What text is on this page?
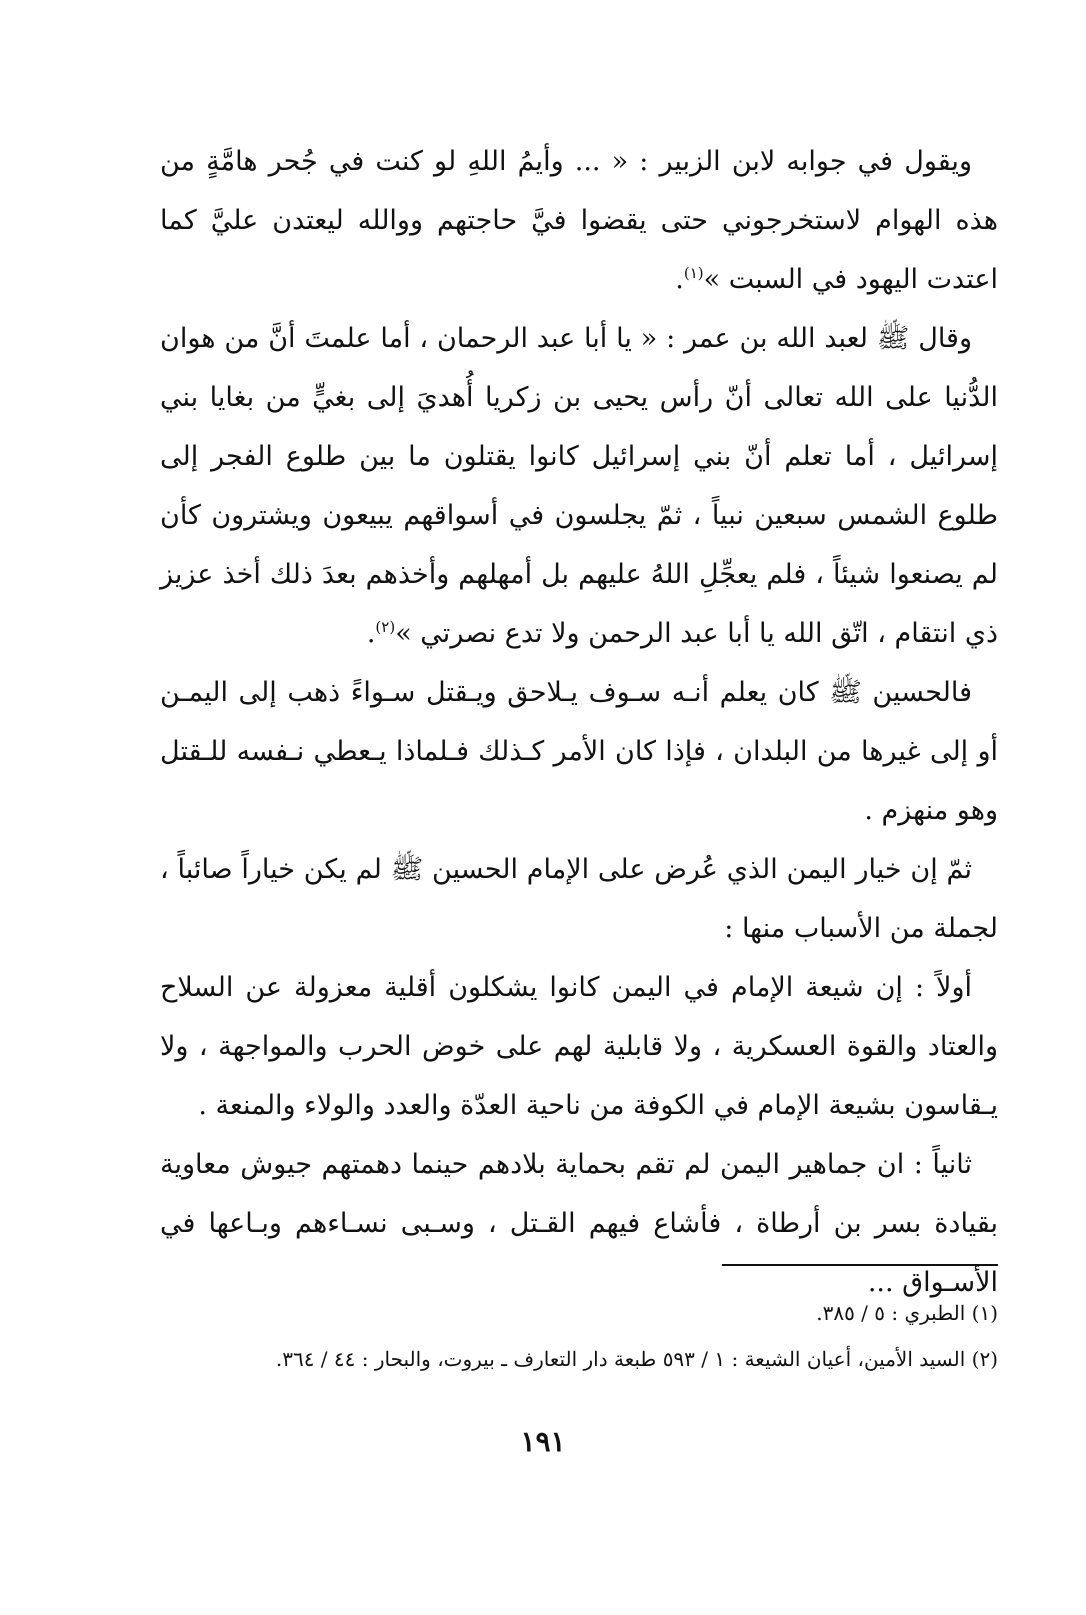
ويقول في جوابه لابن الزبير : « ... وأيمُ اللهِ لو كنت في جُحر هامَّةٍ من هذه الهوام لاستخرجوني حتى يقضوا فيَّ حاجتهم ووالله ليعتدن عليَّ كما اعتدت اليهود في السبت »$^{(١)}$.

وقال ﷺ لعبد الله بن عمر : « يا أبا عبد الرحمان ، أما علمتَ أنَّ من هوان الدُّنيا على الله تعالى أنّ رأس يحيى بن زكريا أُهديَ إلى بغيٍّ من بغايا بني إسرائيل ، أما تعلم أنّ بني إسرائيل كانوا يقتلون ما بين طلوع الفجر إلى طلوع الشمس سبعين نبياً ، ثمّ يجلسون في أسواقهم يبيعون ويشترون كأن لم يصنعوا شيئاً ، فلم يعجِّلِ اللهُ عليهم بل أمهلهم وأخذهم بعدَ ذلك أخذ عزيز ذي انتقام ، اتّق الله يا أبا عبد الرحمن ولا تدع نصرتي »$^{(٢)}$.

فالحسين ﷺ كان يعلم أنـه سـوف يـلاحق ويـقتل سـواءً ذهب إلى اليمـن أو إلى غيرها من البلدان ، فإذا كان الأمر كـذلك فـلماذا يـعطي نـفسه للـقتل وهو منهزم .

ثمّ إن خيار اليمن الذي عُرض على الإمام الحسين ﷺ لم يكن خياراً صائباً ، لجملة من الأسباب منها :

أولاً : إن شيعة الإمام في اليمن كانوا يشكلون أقلية معزولة عن السلاح والعتاد والقوة العسكرية ، ولا قابلية لهم على خوض الحرب والمواجهة ، ولا يـقاسون بشيعة الإمام في الكوفة من ناحية العدّة والعدد والولاء والمنعة .

ثانياً : ان جماهير اليمن لم تقم بحماية بلادهم حينما دهمتهم جيوش معاوية بقيادة بسر بن أرطاة ، فأشاع فيهم القـتل ، وسـبى نسـاءهم وبـاعها في الأسـواق ...

(١) الطبري : ٥ / ٣٨٥.

(٢) السيد الأمين، أعيان الشيعة : ١ / ٥٩٣ طبعة دار التعارف ـ بيروت، والبحار : ٤٤ / ٣٦٤.

١٩١
